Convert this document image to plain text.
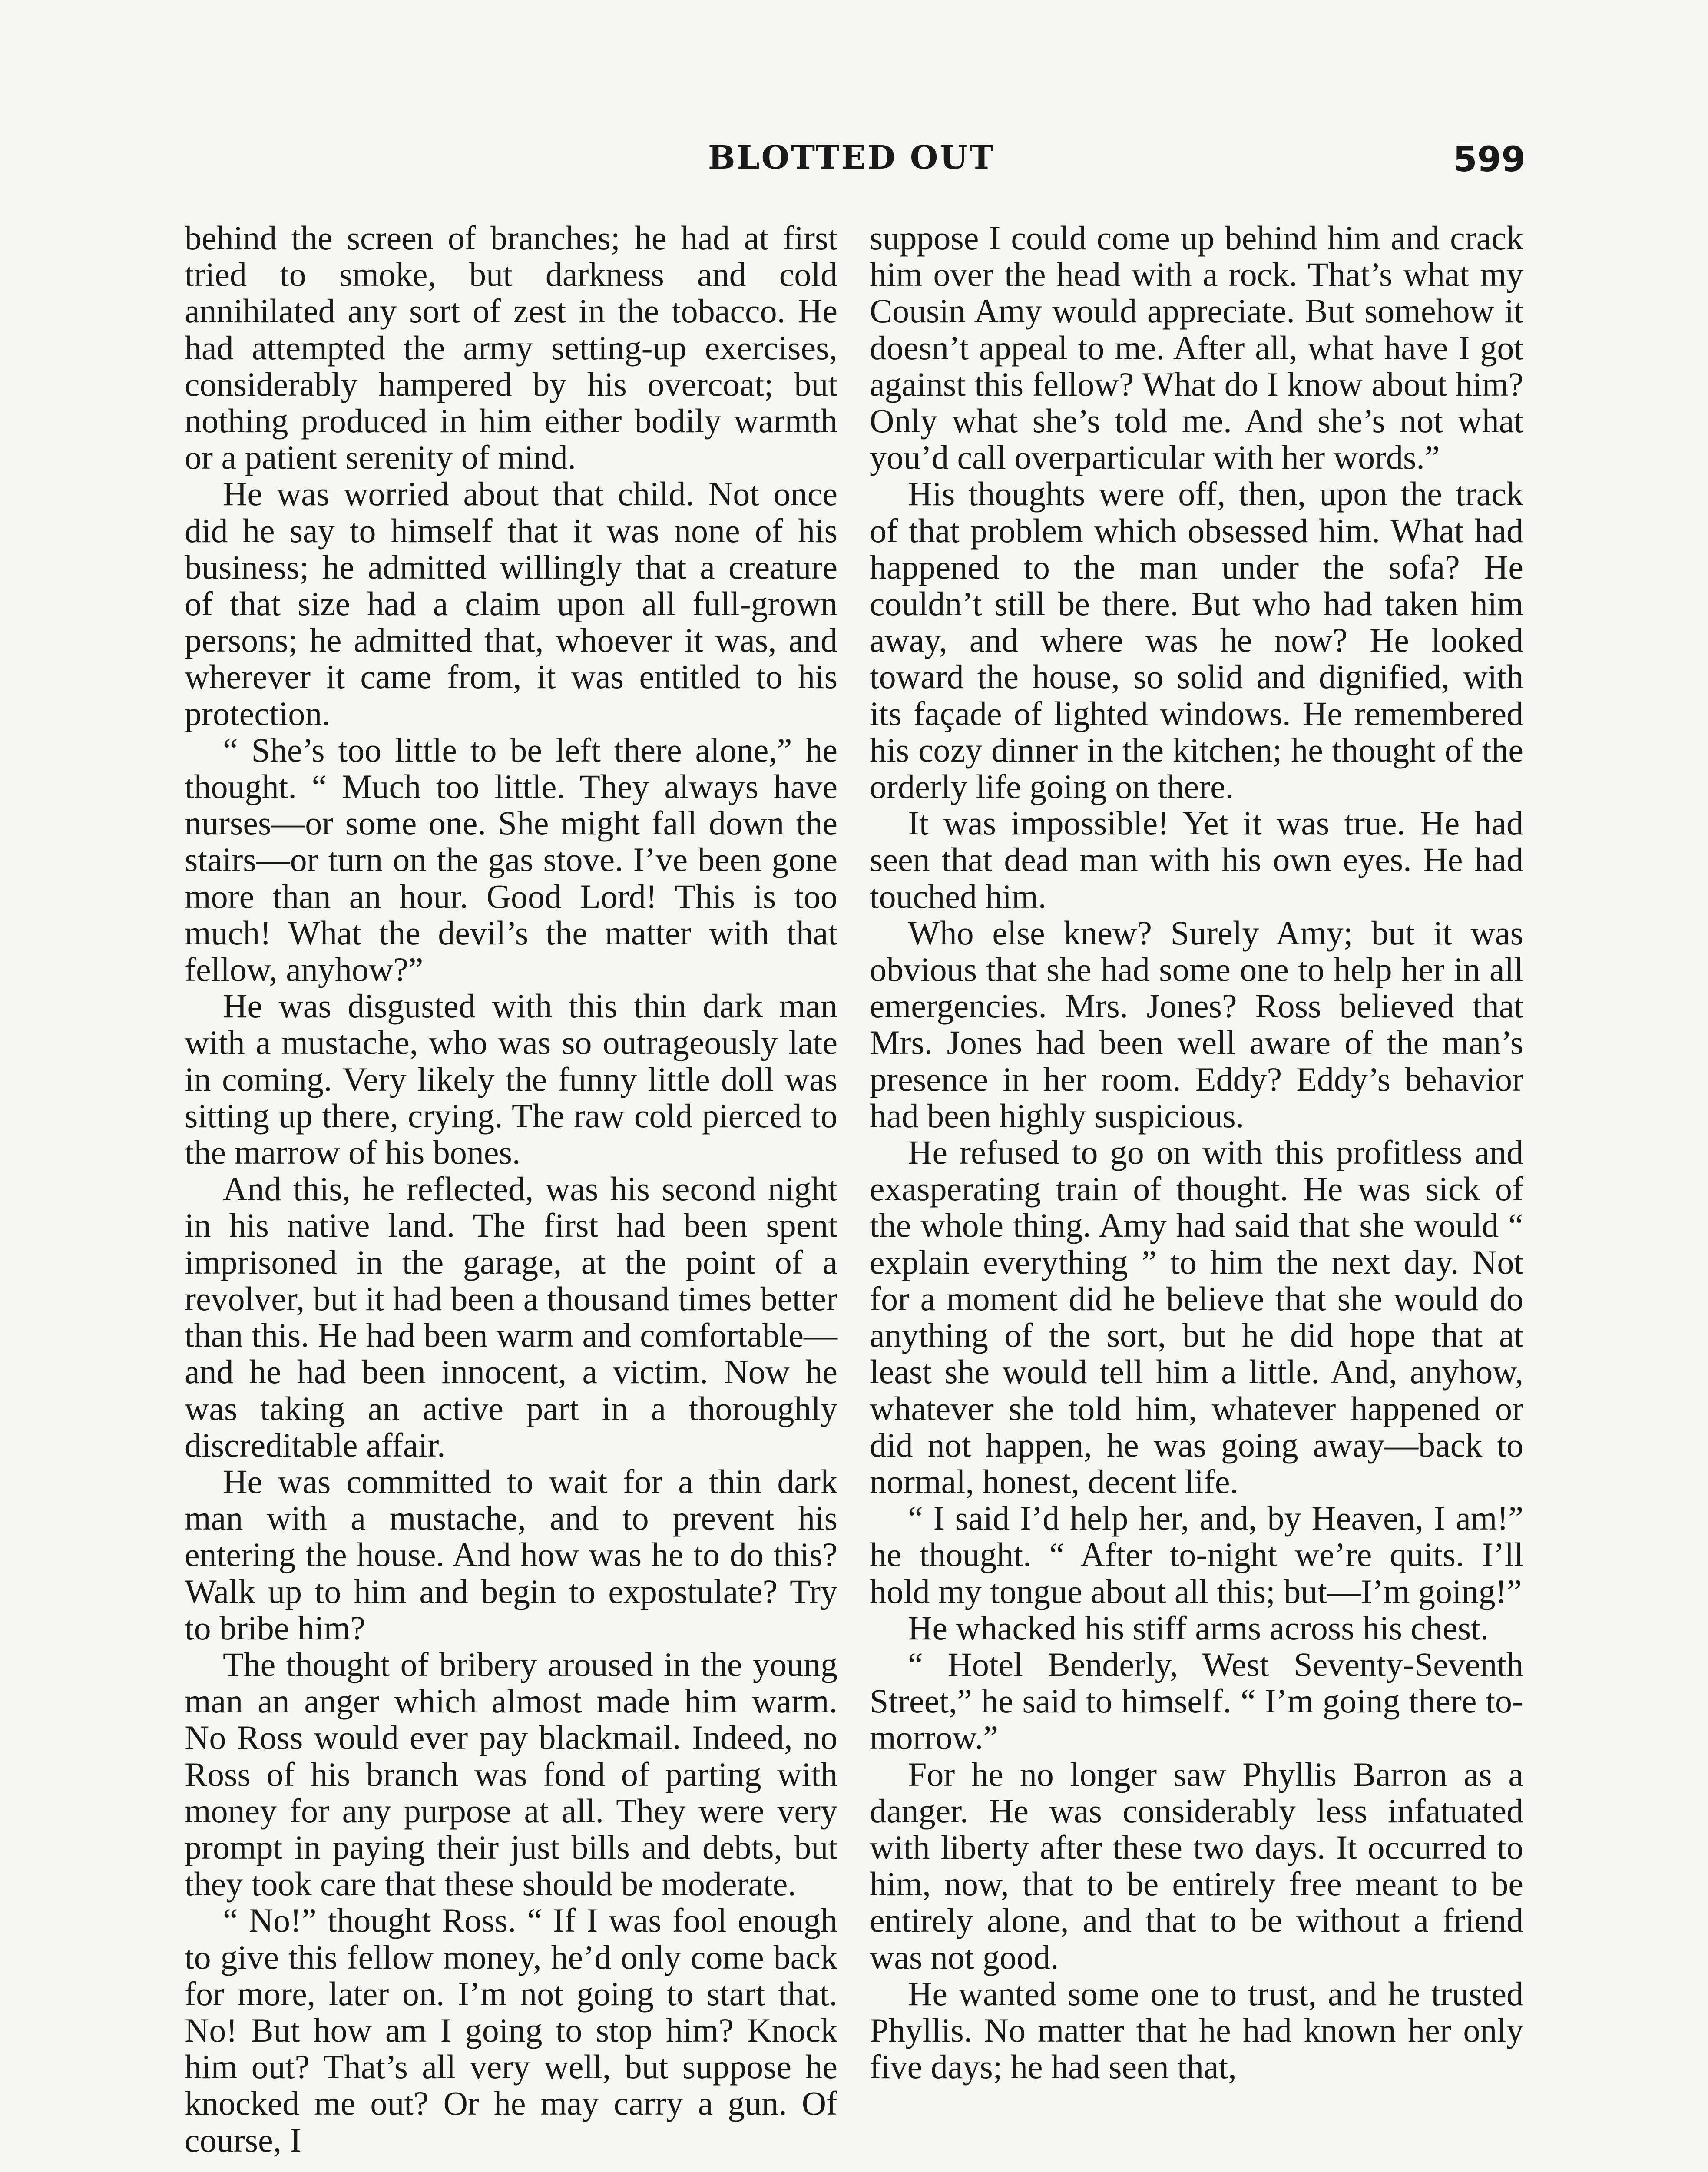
BLOTTED OUT	599

behind the screen of branches; he had at first tried to smoke, but darkness and cold annihilated any sort of zest in the tobacco. He had attempted the army setting-up exercises, considerably hampered by his overcoat; but nothing produced in him either bodily warmth or a patient serenity of mind.

He was worried about that child. Not once did he say to himself that it was none of his business; he admitted willingly that a creature of that size had a claim upon all full-grown persons; he admitted that, whoever it was, and wherever it came from, it was entitled to his protection.

“ She’s too little to be left there alone,” he thought. “ Much too little. They always have nurses—or some one. She might fall down the stairs—or turn on the gas stove. I’ve been gone more than an hour. Good Lord! This is too much! What the devil’s the matter with that fellow, anyhow?”

He was disgusted with this thin dark man with a mustache, who was so outrageously late in coming. Very likely the funny little doll was sitting up there, crying. The raw cold pierced to the marrow of his bones.

And this, he reflected, was his second night in his native land. The first had been spent imprisoned in the garage, at the point of a revolver, but it had been a thousand times better than this. He had been warm and comfortable—and he had been innocent, a victim. Now he was taking an active part in a thoroughly discreditable affair.

He was committed to wait for a thin dark man with a mustache, and to prevent his entering the house. And how was he to do this? Walk up to him and begin to expostulate? Try to bribe him?

The thought of bribery aroused in the young man an anger which almost made him warm. No Ross would ever pay blackmail. Indeed, no Ross of his branch was fond of parting with money for any purpose at all. They were very prompt in paying their just bills and debts, but they took care that these should be moderate.

“ No!” thought Ross. “ If I was fool enough to give this fellow money, he’d only come back for more, later on. I’m not going to start that. No! But how am I going to stop him? Knock him out? That’s all very well, but suppose he knocked me out? Or he may carry a gun. Of course, I

suppose I could come up behind him and crack him over the head with a rock. That’s what my Cousin Amy would appreciate. But somehow it doesn’t appeal to me. After all, what have I got against this fellow? What do I know about him? Only what she’s told me. And she’s not what you’d call overparticular with her words.”

His thoughts were off, then, upon the track of that problem which obsessed him. What had happened to the man under the sofa? He couldn’t still be there. But who had taken him away, and where was he now? He looked toward the house, so solid and dignified, with its façade of lighted windows. He remembered his cozy dinner in the kitchen; he thought of the orderly life going on there.

It was impossible! Yet it was true. He had seen that dead man with his own eyes. He had touched him.

Who else knew? Surely Amy; but it was obvious that she had some one to help her in all emergencies. Mrs. Jones? Ross believed that Mrs. Jones had been well aware of the man’s presence in her room. Eddy? Eddy’s behavior had been highly suspicious.

He refused to go on with this profitless and exasperating train of thought. He was sick of the whole thing. Amy had said that she would “ explain everything ” to him the next day. Not for a moment did he believe that she would do anything of the sort, but he did hope that at least she would tell him a little. And, anyhow, whatever she told him, whatever happened or did not happen, he was going away—back to normal, honest, decent life.

“ I said I’d help her, and, by Heaven, I am!” he thought. “ After to-night we’re quits. I’ll hold my tongue about all this; but—I’m going!”

He whacked his stiff arms across his chest.

“ Hotel Benderly, West Seventy-Seventh Street,” he said to himself. “ I’m going there to-morrow.”

For he no longer saw Phyllis Barron as a danger. He was considerably less infatuated with liberty after these two days. It occurred to him, now, that to be entirely free meant to be entirely alone, and that to be without a friend was not good.

He wanted some one to trust, and he trusted Phyllis. No matter that he had known her only five days; he had seen that,
